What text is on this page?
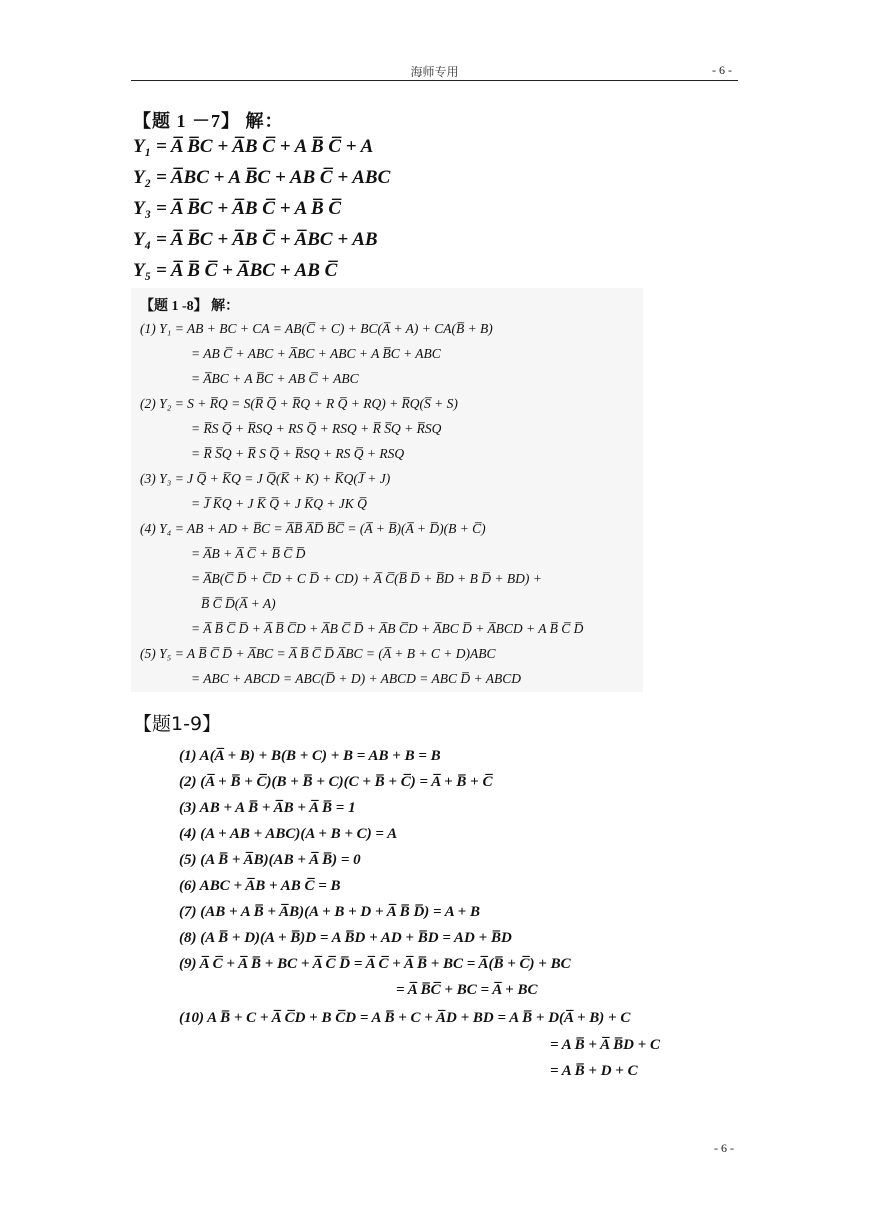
海师专用	- 6 -
【题 1 －7】 解：
Y₁ = A̅ B̅C + A̅B C̅ + A B̅ C̅ + A
Y₂ = A̅BC + A B̅C + AB C̅ + ABC
Y₃ = A̅ B̅C + A̅B C̅ + A B̅ C̅
Y₄ = A̅ B̅C + A̅B C̅ + A̅BC + AB
Y₅ = A̅ B̅ C̅ + A̅BC + AB C̅
【题 1 -8】 解：
(1) Y₁ = AB + BC + CA = AB(C̅ + C) + BC(A̅ + A) + CA(B̅ + B)
= AB C̅ + ABC + A̅BC + ABC + A B̅C + ABC
= A̅BC + A B̅C + AB C̅ + ABC
(2) Y₂ = S + R̅Q = S(R̅ Q̅ + R̅Q + R Q̅ + RQ) + R̅Q(S̅ + S)
= R̅S Q̅ + R̅SQ + RS Q̅ + RSQ + R̅ S̅Q + R̅SQ
= R̅ S̅Q + R̅ S Q̅ + R̅SQ + RS Q̅ + RSQ
(3) Y₃ = J Q̅ + K̅Q = J Q̅(K̅ + K) + K̅Q(J̅ + J)
= J̅ K̅Q + J K̅ Q̅ + J K̅Q + JK Q̅
(4) Y₄ = AB + AD + B̅C = A̅B̅ A̅D̅ B̅C̅ = (A̅ + B̅)(A̅ + D̅)(B + C̅)
= A̅B + A̅ C̅ + B̅ C̅ D̅
= A̅B(C̅ D̅ + C̅D + C D̅ + CD) + A̅ C̅(B̅ D̅ + B̅D + B D̅ + BD) +
B̅ C̅ D̅(A̅ + A)
= A̅ B̅ C̅ D̅ + A̅ B̅ C̅D + A̅B C̅ D̅ + A̅B C̅D + A̅BC D̅ + A̅BCD + A B̅ C̅ D̅
(5) Y₅ = A B̅ C̅ D̅ + A̅BC = A̅ B̅ C̅ D̅ A̅BC = (A̅ + B + C + D)ABC
= ABC + ABCD = ABC(D̅ + D) + ABCD = ABC D̅ + ABCD
【题1-9】
(1) A(A̅ + B) + B(B + C) + B = AB + B = B
(2) (A̅ + B̅ + C̅)(B + B̅ + C)(C + B̅ + C̅) = A̅ + B̅ + C̅
(3) AB + A B̅ + A̅B + A̅ B̅ = 1
(4) (A + AB + ABC)(A + B + C) = A
(5) (A B̅ + A̅B)(AB + A̅ B̅) = 0
(6) ABC + A̅B + AB C̅ = B
(7) (AB + A B̅ + A̅B)(A + B + D + A̅ B̅ D̅) = A + B
(8) (A B̅ + D)(A + B̅)D = A B̅D + AD + B̅D = AD + B̅D
(9) A̅ C̅ + A̅ B̅ + BC + A̅ C̅ D̅ = A̅ C̅ + A̅ B̅ + BC = A̅(B̅ + C̅) + BC
= A̅ B̅C̅ + BC = A̅ + BC
(10) A B̅ + C + A̅ C̅D + B C̅D = A B̅ + C + A̅D + BD = A B̅ + D(A̅ + B) + C
= A B̅ + A̅ B̅D + C
= A B̅ + D + C
- 6 -
